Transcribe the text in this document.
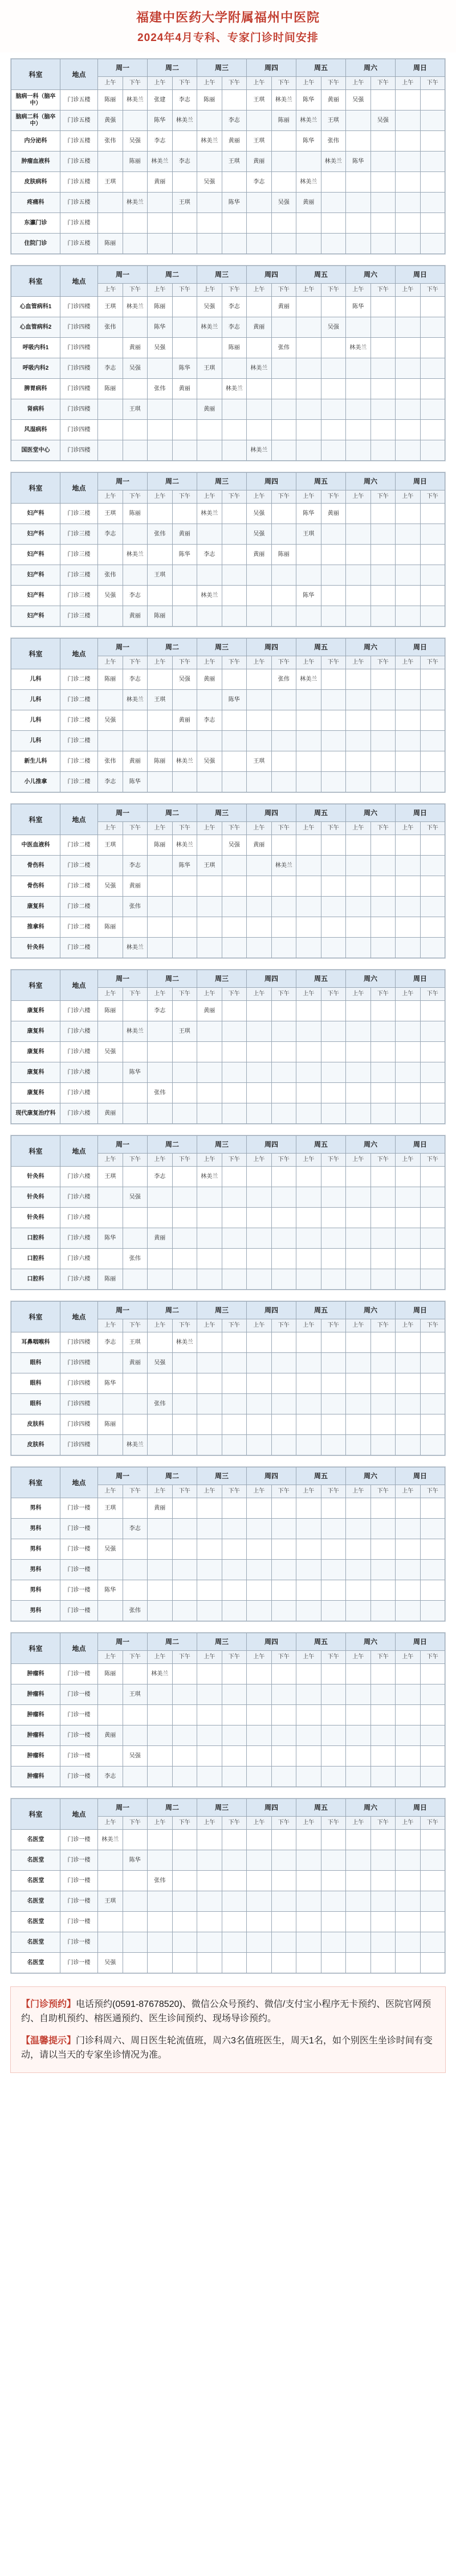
福建中医药大学附属福州中医院
2024年4月专科、专家门诊时间安排
科室	地点	周一		周二		周三		周四		周五		周六		周日	
		上午	下午	上午	下午	上午	下午	上午	下午	上午	下午	上午	下午	上午	下午
脑病一科（脑卒中）	门诊五楼	陈丽	林美兰	张建	李志	陈丽		王琪	林美兰	陈华	黄丽	吴强			
脑病二科（脑卒中）	门诊五楼	黄强		陈华	林美兰		李志		陈丽	林美兰	王琪		吴强		
内分泌科	门诊五楼	张伟	吴强	李志		林美兰	黄丽	王琪		陈华	张伟				
肿瘤血液科	门诊五楼		陈丽	林美兰	李志		王琪	黄丽			林美兰	陈华			
皮肤病科	门诊五楼	王琪		黄丽		吴强		李志		林美兰					
疼痛科	门诊五楼		林美兰		王琪		陈华		吴强	黄丽					
东瀛门诊	门诊五楼														
住院门诊	门诊五楼	陈丽													
科室	地点	周一		周二		周三		周四		周五		周六		周日	
		上午	下午	上午	下午	上午	下午	上午	下午	上午	下午	上午	下午	上午	下午
心血管病科1	门诊四楼	王琪	林美兰	陈丽		吴强	李志		黄丽			陈华			
心血管病科2	门诊四楼	张伟		陈华		林美兰	李志	黄丽			吴强				
呼吸内科1	门诊四楼		黄丽	吴强			陈丽		张伟			林美兰			
呼吸内科2	门诊四楼	李志	吴强		陈华	王琪		林美兰							
脾胃病科	门诊四楼	陈丽		张伟	黄丽		林美兰								
肾病科	门诊四楼		王琪			黄丽									
风湿病科	门诊四楼														
国医堂中心	门诊四楼							林美兰							
科室	地点	周一		周二		周三		周四		周五		周六		周日	
		上午	下午	上午	下午	上午	下午	上午	下午	上午	下午	上午	下午	上午	下午
妇产科	门诊三楼	王琪	陈丽			林美兰		吴强		陈华	黄丽				
妇产科	门诊三楼	李志		张伟	黄丽			吴强		王琪					
妇产科	门诊三楼		林美兰		陈华	李志		黄丽	陈丽						
妇产科	门诊三楼	张伟		王琪											
妇产科	门诊三楼	吴强	李志			林美兰				陈华					
妇产科	门诊三楼		黄丽	陈丽											
科室	地点	周一		周二		周三		周四		周五		周六		周日	
		上午	下午	上午	下午	上午	下午	上午	下午	上午	下午	上午	下午	上午	下午
儿科	门诊二楼	陈丽	李志		吴强	黄丽			张伟	林美兰					
儿科	门诊二楼		林美兰	王琪			陈华								
儿科	门诊二楼	吴强			黄丽	李志									
儿科	门诊二楼														
新生儿科	门诊二楼	张伟	黄丽	陈丽	林美兰	吴强		王琪							
小儿推拿	门诊二楼	李志	陈华												
科室	地点	周一		周二		周三		周四		周五		周六		周日	
		上午	下午	上午	下午	上午	下午	上午	下午	上午	下午	上午	下午	上午	下午
中医血液科	门诊二楼	王琪		陈丽	林美兰		吴强	黄丽							
骨伤科	门诊二楼		李志		陈华	王琪			林美兰						
骨伤科	门诊二楼	吴强	黄丽												
康复科	门诊二楼		张伟												
推拿科	门诊二楼	陈丽													
针灸科	门诊二楼		林美兰												
科室	地点	周一		周二		周三		周四		周五		周六		周日	
		上午	下午	上午	下午	上午	下午	上午	下午	上午	下午	上午	下午	上午	下午
康复科	门诊六楼	陈丽		李志		黄丽									
康复科	门诊六楼		林美兰		王琪										
康复科	门诊六楼	吴强													
康复科	门诊六楼		陈华												
康复科	门诊六楼			张伟											
现代康复治疗科	门诊六楼	黄丽													
科室	地点	周一		周二		周三		周四		周五		周六		周日	
		上午	下午	上午	下午	上午	下午	上午	下午	上午	下午	上午	下午	上午	下午
针灸科	门诊六楼	王琪		李志		林美兰									
针灸科	门诊六楼		吴强												
针灸科	门诊六楼														
口腔科	门诊六楼	陈华		黄丽											
口腔科	门诊六楼		张伟												
口腔科	门诊六楼	陈丽													
科室	地点	周一		周二		周三		周四		周五		周六		周日	
		上午	下午	上午	下午	上午	下午	上午	下午	上午	下午	上午	下午	上午	下午
耳鼻咽喉科	门诊四楼	李志	王琪		林美兰										
眼科	门诊四楼		黄丽	吴强											
眼科	门诊四楼	陈华													
眼科	门诊四楼			张伟											
皮肤科	门诊四楼	陈丽													
皮肤科	门诊四楼		林美兰												
科室	地点	周一		周二		周三		周四		周五		周六		周日	
		上午	下午	上午	下午	上午	下午	上午	下午	上午	下午	上午	下午	上午	下午
男科	门诊一楼	王琪		黄丽											
男科	门诊一楼		李志												
男科	门诊一楼	吴强													
男科	门诊一楼														
男科	门诊一楼	陈华													
男科	门诊一楼		张伟												
科室	地点	周一		周二		周三		周四		周五		周六		周日	
		上午	下午	上午	下午	上午	下午	上午	下午	上午	下午	上午	下午	上午	下午
肿瘤科	门诊一楼	陈丽		林美兰											
肿瘤科	门诊一楼		王琪												
肿瘤科	门诊一楼														
肿瘤科	门诊一楼	黄丽													
肿瘤科	门诊一楼		吴强												
肿瘤科	门诊一楼	李志													
科室	地点	周一		周二		周三		周四		周五		周六		周日	
		上午	下午	上午	下午	上午	下午	上午	下午	上午	下午	上午	下午	上午	下午
名医堂	门诊一楼	林美兰													
名医堂	门诊一楼		陈华												
名医堂	门诊一楼			张伟											
名医堂	门诊一楼	王琪													
名医堂	门诊一楼														
名医堂	门诊一楼														
名医堂	门诊一楼	吴强													

【门诊预约】电话预约(0591-87678520)、微信公众号预约、微信/支付宝小程序无卡预约、医院官网预约、自助机预约、榕医通预约、医生诊间预约、现场导诊预约。

【温馨提示】门诊科周六、周日医生轮流值班，周六3名值班医生，周天1名，如个别医生坐诊时间有变动，请以当天的专家坐诊情况为准。
